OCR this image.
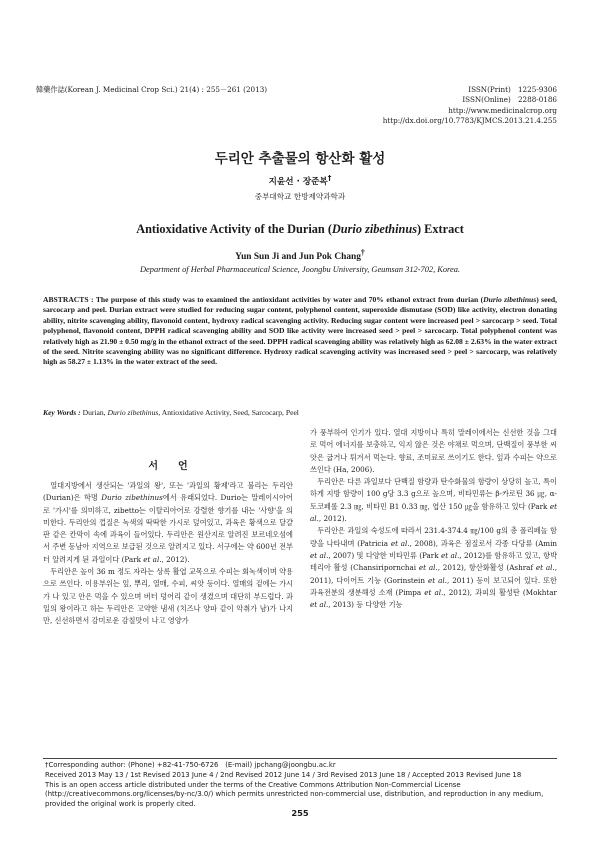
韓藥作誌(Korean J. Medicinal Crop Sci.) 21(4) : 255－261 (2013)	ISSN(Print)　1225-9306
ISSN(Online)　2288-0186
http://www.medicinalcrop.org
http://dx.doi.org/10.7783/KJMCS.2013.21.4.255
두리안 추출물의 항산화 활성
지윤선 · 장준복†
중부대학교 한방제약과학과
Antioxidative Activity of the Durian (Durio zibethinus) Extract
Yun Sun Ji and Jun Pok Chang†
Department of Herbal Pharmaceutical Science, Joongbu University, Geumsan 312-702, Korea.
ABSTRACTS : The purpose of this study was to examined the antioxidant activities by water and 70% ethanol extract from durian (Durio zibethinus) seed, sarcocarp and peel. Durian extract were studied for reducing sugar content, polyphenol content, superoxide dismutase (SOD) like activity, electron donating ability, nitrite scavenging ability, flavonoid content, hydroxy radical scavenging activity. Reducing sugar content were increased peel > sarcocarp > seed. Total polyphenol, flavonoid content, DPPH radical scavenging ability and SOD like activity were increased seed > peel > sarcocarp. Total polyphenol content was relatively high as 21.90 ± 0.50 mg/g in the ethanol extract of the seed. DPPH radical scavenging ability was relatively high as 62.08 ± 2.63% in the water extract of the seed. Nitrite scavenging ability was no significant difference. Hydroxy radical scavenging activity was increased seed > peel > sarcocarp, was relatively high as 58.27 ± 1.13% in the water extract of the seed.
Key Words : Durian, Durio zibethinus, Antioxidative Activity, Seed, Sarcocarp, Peel
서　　언

열대지방에서 생산되는 '과일의 왕', 또는 '과일의 황제'라고 불리는 두리안 (Durian)은 학명 Durio zibethinus에서 유래되었다. Durio는 말레이시아어로 '가시'를 의미하고, zibetto는 이탈리아어로 강렬한 향기를 내는 '사향'을 의미한다. 두리안의 껍질은 녹색의 딱딱한 가시로 덮여있고, 과육은 황색으로 달걀판 같은 칸막이 속에 과육이 들어있다. 두리안은 원산지로 알려진 보르네오섬에서 주변 동남아 지역으로 보급된 것으로 알려지고 있다. 서구에는 약 600년 전부터 알려지게 된 과일이다 (Park et al., 2012).

두리안은 높이 36 m 정도 자라는 상록 활엽 교목으로 수피는 회녹색이며 약용으로 쓰인다. 이용부위는 잎, 뿌리, 열매, 수피, 씨앗 등이다. 열매의 겉에는 가시가 나 있고 안은 먹을 수 있으며 버터 덩어리 같이 생겼으며 대단히 부드럽다. 과일의 왕이라고 하는 두리안은 고약한 냄새 (치즈나 양파 같이 악취가 남)가 나지만, 신선하면서 감미로운 감칠맛이 나고 영양가

가 풍부하여 인기가 있다. 열대 지방이나 특히 말레이에서는 신선한 것을 그대로 먹어 에너지를 보충하고, 익지 않은 것은 야채로 먹으며, 단백질이 풍부한 씨앗은 굽거나 튀겨서 먹는다. 향료, 조미료로 쓰이기도 한다. 잎과 수피는 약으로 쓰인다 (Ha, 2006).

두리안은 다른 과일보다 단백질 함량과 탄수화물의 함량이 상당히 높고, 특이하게 지방 함량이 100 g당 3.3 g으로 높으며, 비타민류는 β-카로틴 36 ㎍, α-토코페롤 2.3 ㎎, 비타민 B1 0.33 ㎎, 엽산 150 ㎍을 함유하고 있다 (Park et al., 2012).

두리안은 과일의 숙성도에 따라서 231.4-374.4 ㎎/100 g의 총 폴리페놀 함량을 나타내며 (Patricia et al., 2008), 과육은 점질로서 각종 다당류 (Amin et al., 2007) 및 다양한 비타민류 (Park et al., 2012)를 함유하고 있고, 항박테리아 활성 (Chansiripornchai et al., 2012), 항산화활성 (Ashraf et al., 2011), 다이어트 기능 (Gorinstein et al., 2011) 등이 보고되어 있다. 또한 과육전분의 생분해성 소재 (Pimpa et al., 2012), 과피의 활성탄 (Mokhtar et al., 2013) 등 다양한 기능

†Corresponding author: (Phone) +82-41-750-6726　(E-mail) jpchang@joongbu.ac.kr
Received 2013 May 13 / 1st Revised 2013 June 4 / 2nd Revised 2012 June 14 / 3rd Revised 2013 June 18 / Accepted 2013 Revised June 18
This is an open access article distributed under the terms of the Creative Commons Attribution Non-Commercial License (http://creativecommons.org/licenses/by-nc/3.0/) which permits unrestricted non-commercial use, distribution, and reproduction in any medium, provided the original work is properly cited.
255
